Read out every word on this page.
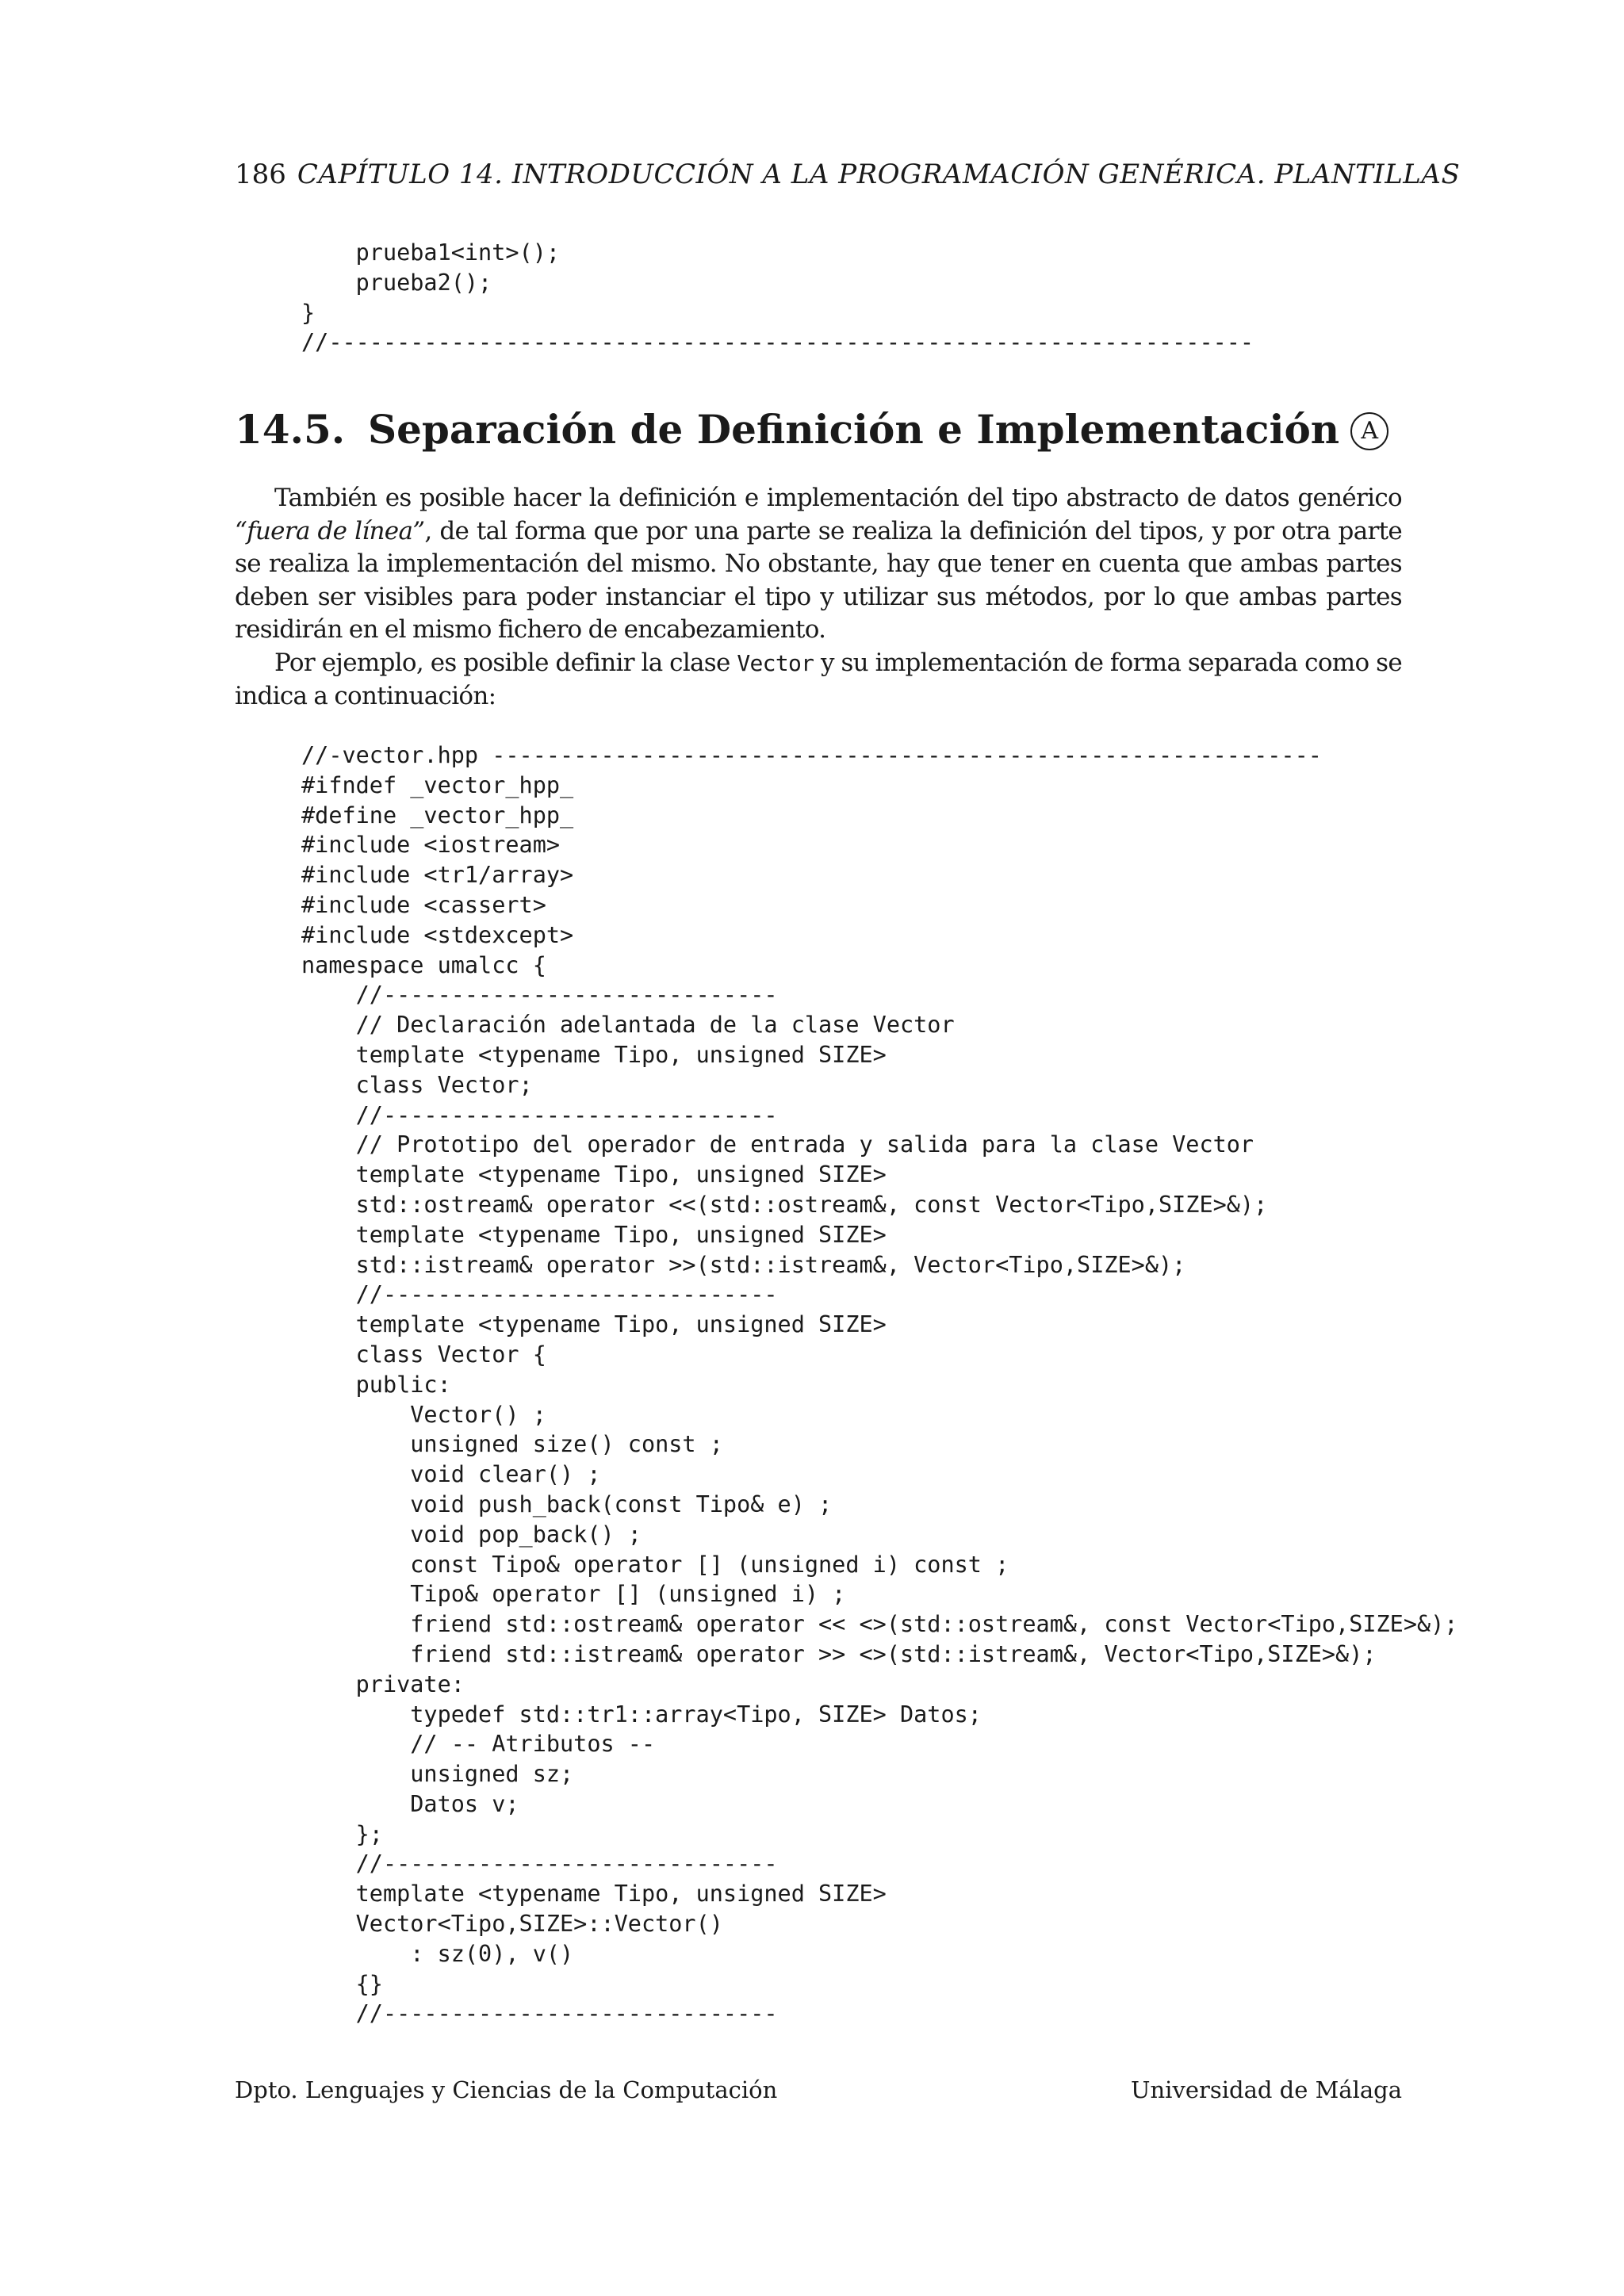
186 CAPÍTULO 14. INTRODUCCIÓN A LA PROGRAMACIÓN GENÉRICA. PLANTILLAS
prueba1<int>();
prueba2();
}
//--------------------------------------------------------------------
14.5. Separación de Definición e Implementación A
También es posible hacer la definición e implementación del tipo abstracto de datos genérico “fuera de línea”, de tal forma que por una parte se realiza la definición del tipos, y por otra parte se realiza la implementación del mismo. No obstante, hay que tener en cuenta que ambas partes deben ser visibles para poder instanciar el tipo y utilizar sus métodos, por lo que ambas partes residirán en el mismo fichero de encabezamiento.
Por ejemplo, es posible definir la clase Vector y su implementación de forma separada como se indica a continuación:
//-vector.hpp -------------------------------------------------------------
#ifndef _vector_hpp_
#define _vector_hpp_
#include <iostream>
#include <tr1/array>
#include <cassert>
#include <stdexcept>
namespace umalcc {
//-----------------------------
// Declaración adelantada de la clase Vector
template <typename Tipo, unsigned SIZE>
class Vector;
//-----------------------------
// Prototipo del operador de entrada y salida para la clase Vector
template <typename Tipo, unsigned SIZE>
std::ostream& operator <<(std::ostream&, const Vector<Tipo,SIZE>&);
template <typename Tipo, unsigned SIZE>
std::istream& operator >>(std::istream&, Vector<Tipo,SIZE>&);
//-----------------------------
template <typename Tipo, unsigned SIZE>
class Vector {
public:
Vector() ;
unsigned size() const ;
void clear() ;
void push_back(const Tipo& e) ;
void pop_back() ;
const Tipo& operator [] (unsigned i) const ;
Tipo& operator [] (unsigned i) ;
friend std::ostream& operator << <>(std::ostream&, const Vector<Tipo,SIZE>&);
friend std::istream& operator >> <>(std::istream&, Vector<Tipo,SIZE>&);
private:
typedef std::tr1::array<Tipo, SIZE> Datos;
// -- Atributos --
unsigned sz;
Datos v;
};
//-----------------------------
template <typename Tipo, unsigned SIZE>
Vector<Tipo,SIZE>::Vector()
: sz(0), v()
{}
//-----------------------------
Dpto. Lenguajes y Ciencias de la Computación	Universidad de Málaga
